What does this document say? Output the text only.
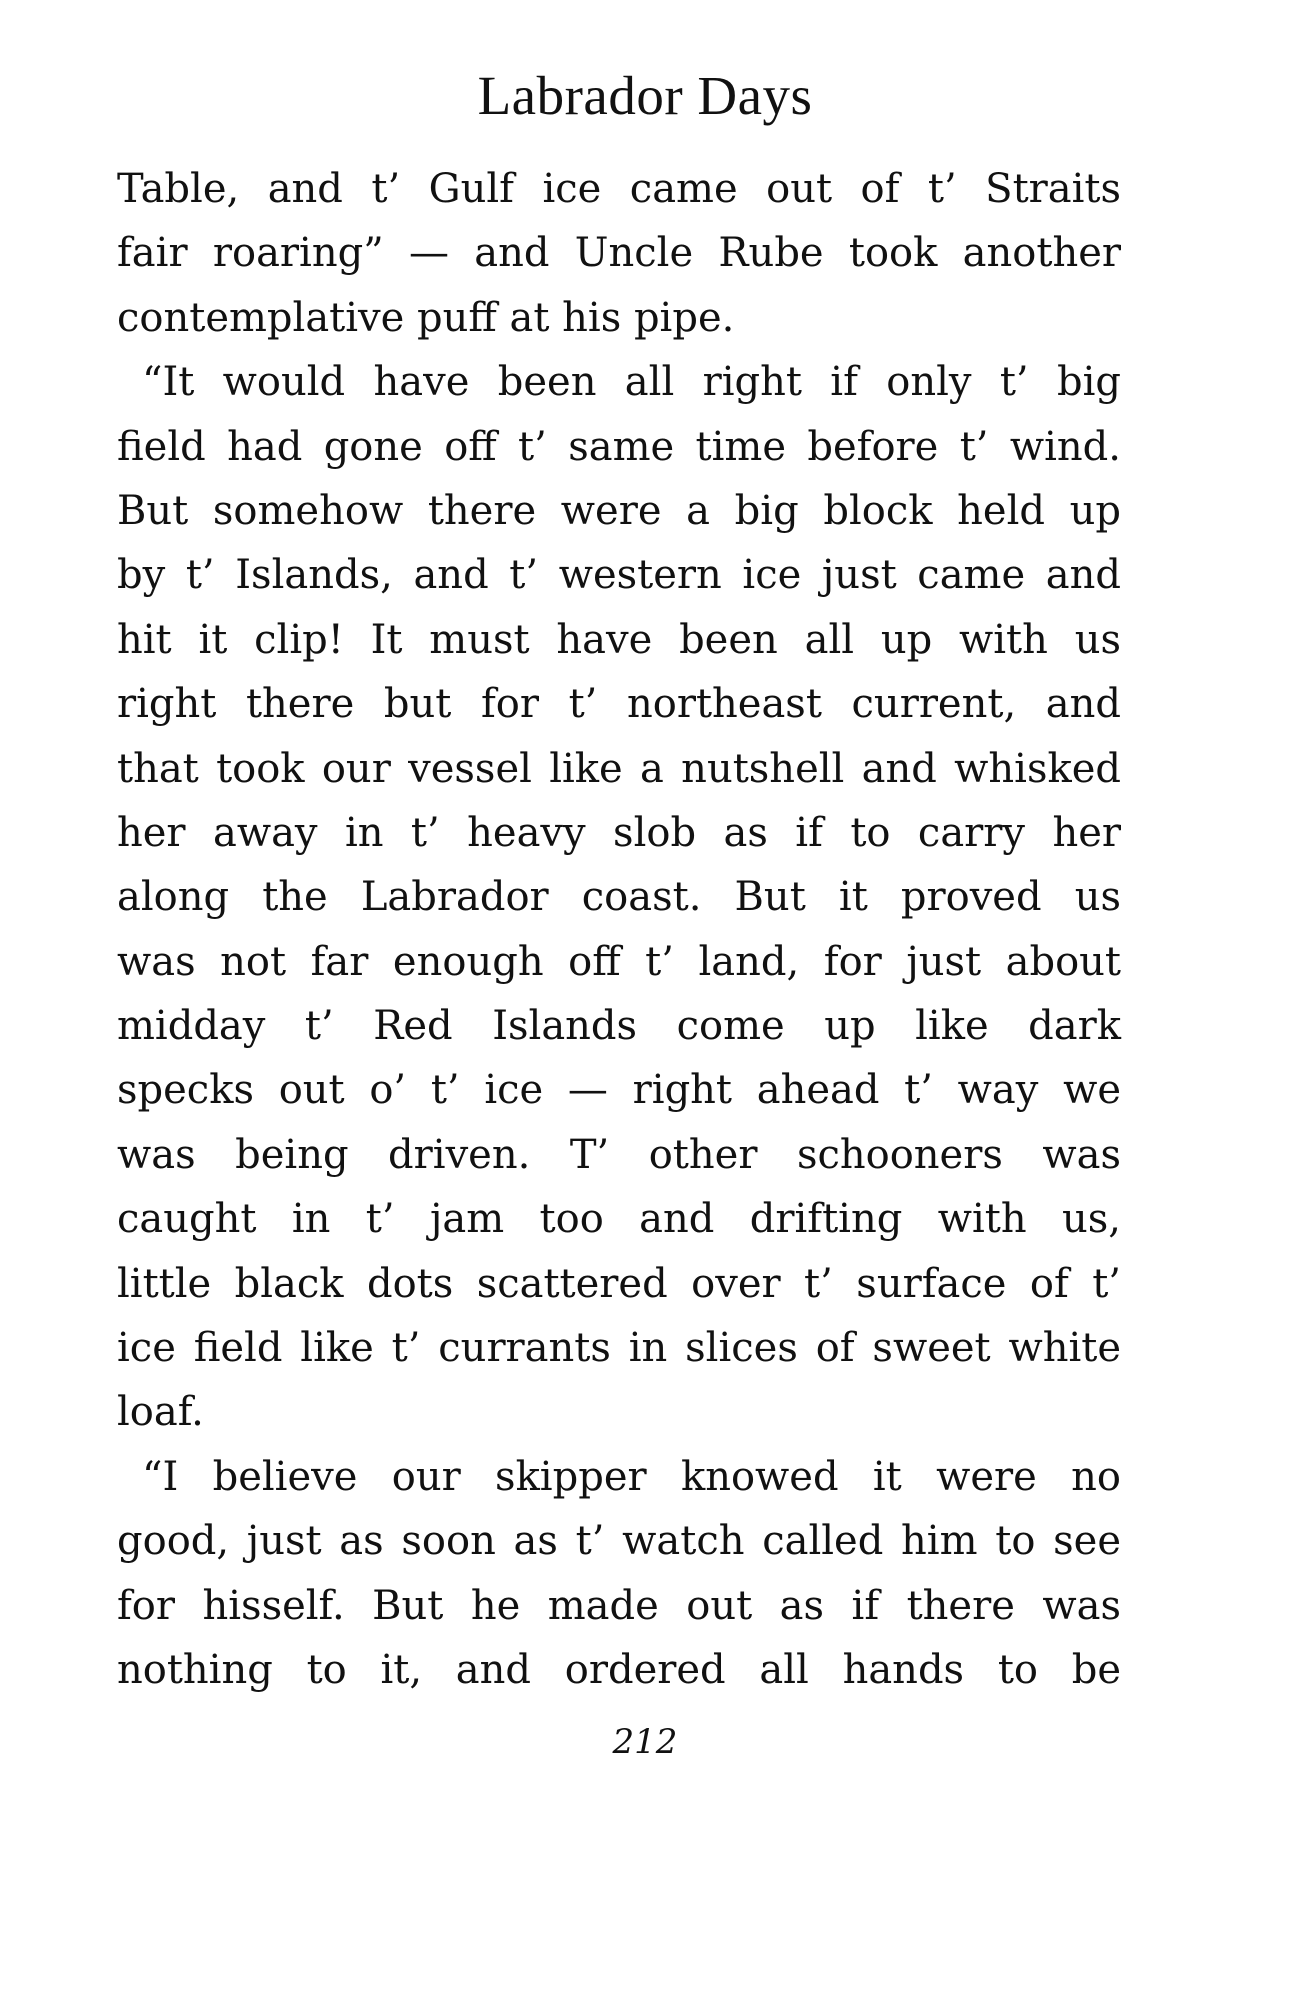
Labrador Days
Table, and t’ Gulf ice came out of t’ Straits
fair roaring” — and Uncle Rube took another
contemplative puff at his pipe.
“It would have been all right if only t’ big
field had gone off t’ same time before t’ wind.
But somehow there were a big block held up
by t’ Islands, and t’ western ice just came and
hit it clip! It must have been all up with us
right there but for t’ northeast current, and
that took our vessel like a nutshell and whisked
her away in t’ heavy slob as if to carry her
along the Labrador coast. But it proved us
was not far enough off t’ land, for just about
midday t’ Red Islands come up like dark
specks out o’ t’ ice — right ahead t’ way we
was being driven. T’ other schooners was
caught in t’ jam too and drifting with us,
little black dots scattered over t’ surface of t’
ice field like t’ currants in slices of sweet white
loaf.
“I believe our skipper knowed it were no
good, just as soon as t’ watch called him to see
for hisself. But he made out as if there was
nothing to it, and ordered all hands to be
212
